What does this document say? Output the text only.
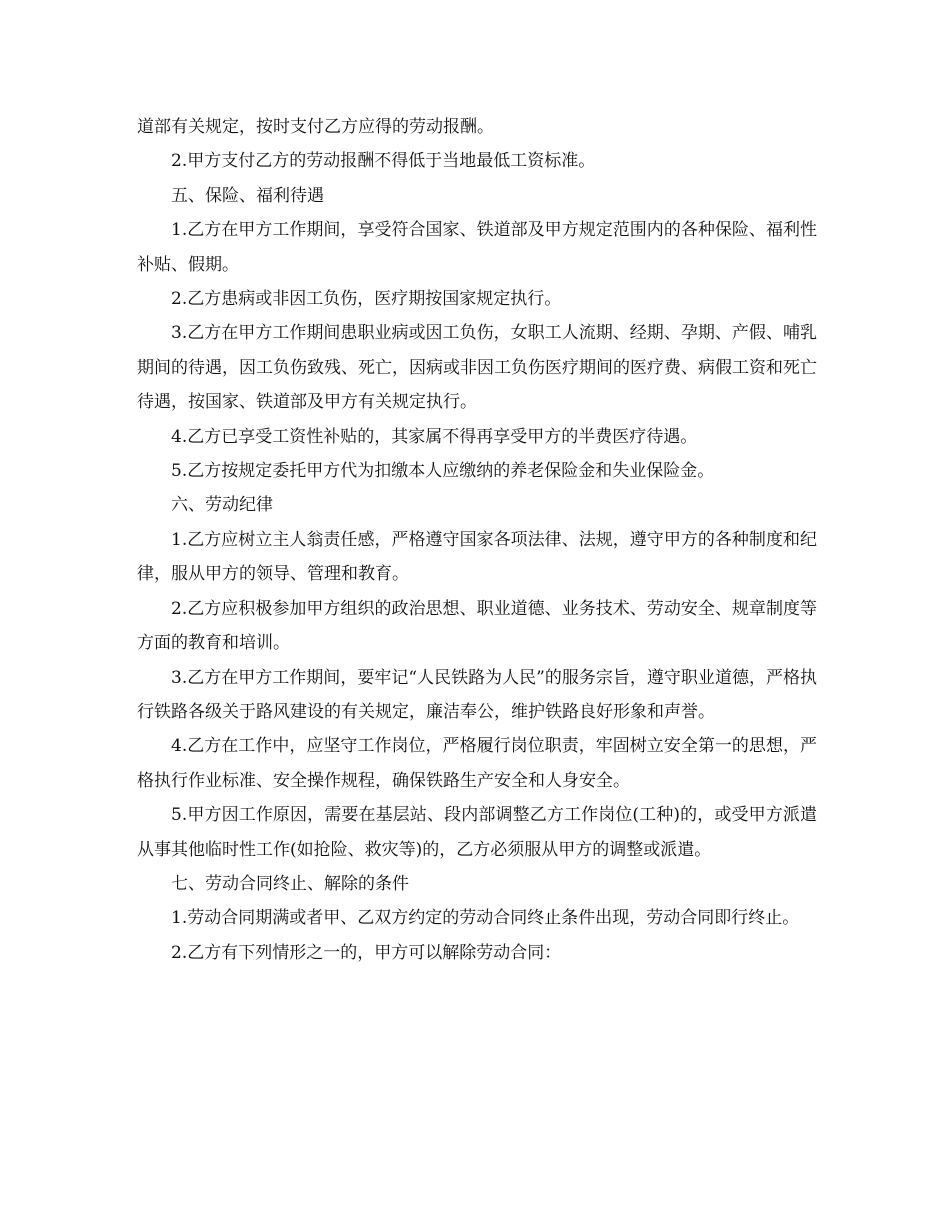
道部有关规定，按时支付乙方应得的劳动报酬。

2.甲方支付乙方的劳动报酬不得低于当地最低工资标准。

五、保险、福利待遇

1.乙方在甲方工作期间，享受符合国家、铁道部及甲方规定范围内的各种保险、福利性补贴、假期。

2.乙方患病或非因工负伤，医疗期按国家规定执行。

3.乙方在甲方工作期间患职业病或因工负伤，女职工人流期、经期、孕期、产假、哺乳期间的待遇，因工负伤致残、死亡，因病或非因工负伤医疗期间的医疗费、病假工资和死亡待遇，按国家、铁道部及甲方有关规定执行。

4.乙方已享受工资性补贴的，其家属不得再享受甲方的半费医疗待遇。

5.乙方按规定委托甲方代为扣缴本人应缴纳的养老保险金和失业保险金。

六、劳动纪律

1.乙方应树立主人翁责任感，严格遵守国家各项法律、法规，遵守甲方的各种制度和纪律，服从甲方的领导、管理和教育。

2.乙方应积极参加甲方组织的政治思想、职业道德、业务技术、劳动安全、规章制度等方面的教育和培训。

3.乙方在甲方工作期间，要牢记“人民铁路为人民”的服务宗旨，遵守职业道德，严格执行铁路各级关于路风建设的有关规定，廉洁奉公，维护铁路良好形象和声誉。

4.乙方在工作中，应坚守工作岗位，严格履行岗位职责，牢固树立安全第一的思想，严格执行作业标准、安全操作规程，确保铁路生产安全和人身安全。

5.甲方因工作原因，需要在基层站、段内部调整乙方工作岗位(工种)的，或受甲方派遣从事其他临时性工作(如抢险、救灾等)的，乙方必须服从甲方的调整或派遣。

七、劳动合同终止、解除的条件

1.劳动合同期满或者甲、乙双方约定的劳动合同终止条件出现，劳动合同即行终止。

2.乙方有下列情形之一的，甲方可以解除劳动合同：
